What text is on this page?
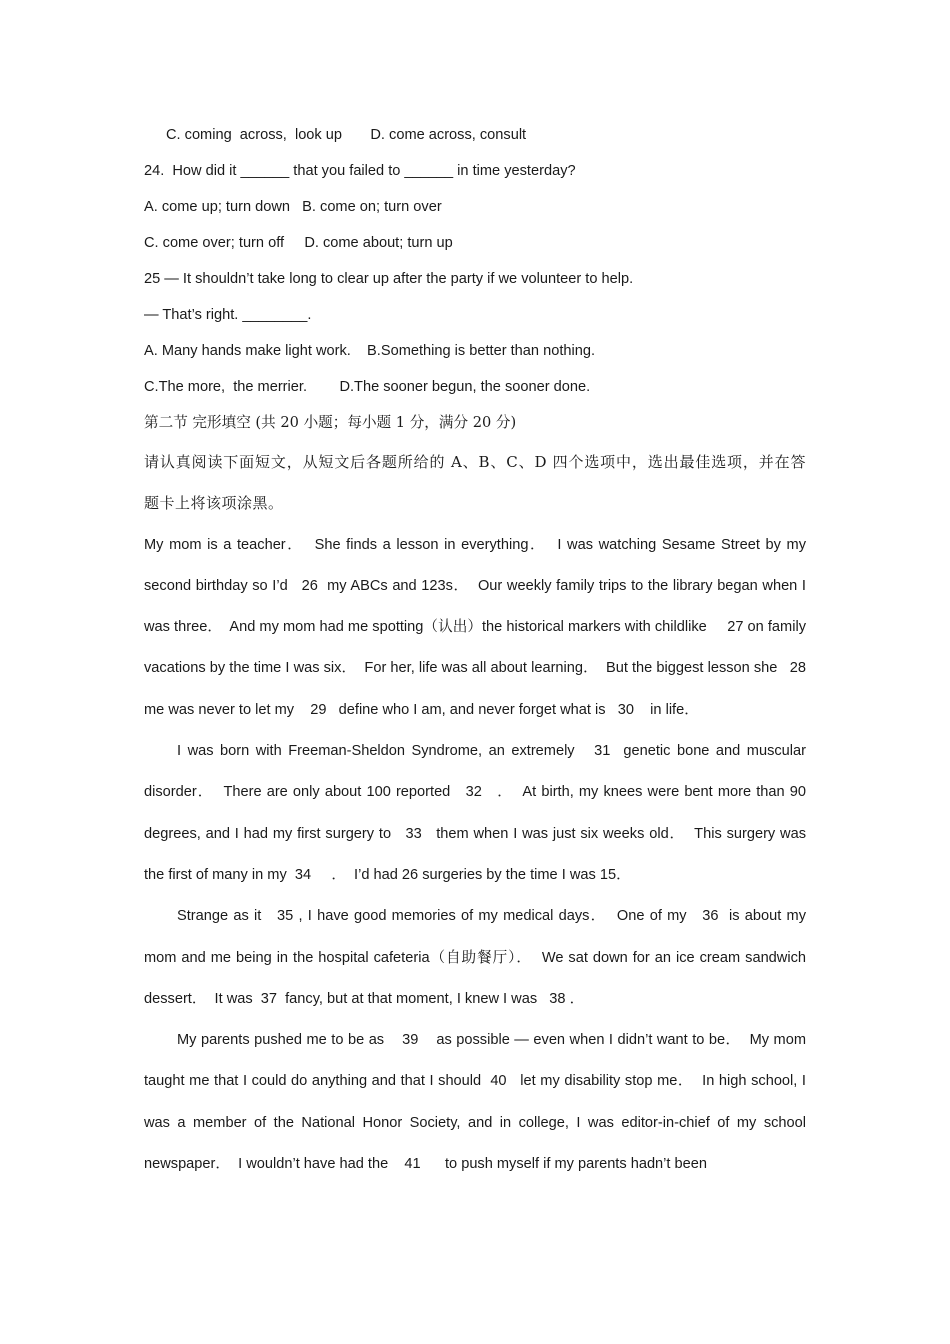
C. coming  across,  look up       D. come across, consult
24.  How did it ______ that you failed to ______ in time yesterday?
A. come up; turn down   B. come on; turn over
C. come over; turn off     D. come about; turn up
25 — It shouldn’t take long to clear up after the party if we volunteer to help.
— That’s right. ________.
A. Many hands make light work.    B.Something is better than nothing.
C.The more,  the merrier.        D.The sooner begun, the sooner done.
第二节 完形填空 (共 20 小题；每小题 1 分，满分 20 分)

请认真阅读下面短文，从短文后各题所给的 A、B、C、D 四个选项中，选出最佳选项，并在答题卡上将该项涂黑。

My mom is a teacher．  She finds a lesson in everything．  I was watching Sesame Street by my second birthday so I’d   26  my ABCs and 123s．  Our weekly family trips to the library began when I was three．  And my mom had me spotting（认出）the historical markers with childlike     27 on family vacations by the time I was six．  For her, life was all about learning．  But the biggest lesson she   28  me was never to let my    29   define who I am, and never forget what is   30    in life．

I was born with Freeman-Sheldon Syndrome, an extremely   31  genetic bone and muscular disorder．  There are only about 100 reported   32   ．  At birth, my knees were bent more than 90 degrees, and I had my first surgery to   33   them when I was just six weeks old．  This surgery was the first of many in my  34     ．  I’d had 26 surgeries by the time I was 15．

Strange as it   35 , I have good memories of my medical days．  One of my   36  is about my mom and me being in the hospital cafeteria（自助餐厅）．  We sat down for an ice cream sandwich dessert．  It was  37  fancy, but at that moment, I knew I was   38 ．

My parents pushed me to be as    39    as possible — even when I didn’t want to be．  My mom taught me that I could do anything and that I should  40   let my disability stop me．  In high school, I was a member of the National Honor Society, and in college, I was editor-in-chief of my school newspaper．  I wouldn’t have had the    41      to push myself if my parents hadn’t been
